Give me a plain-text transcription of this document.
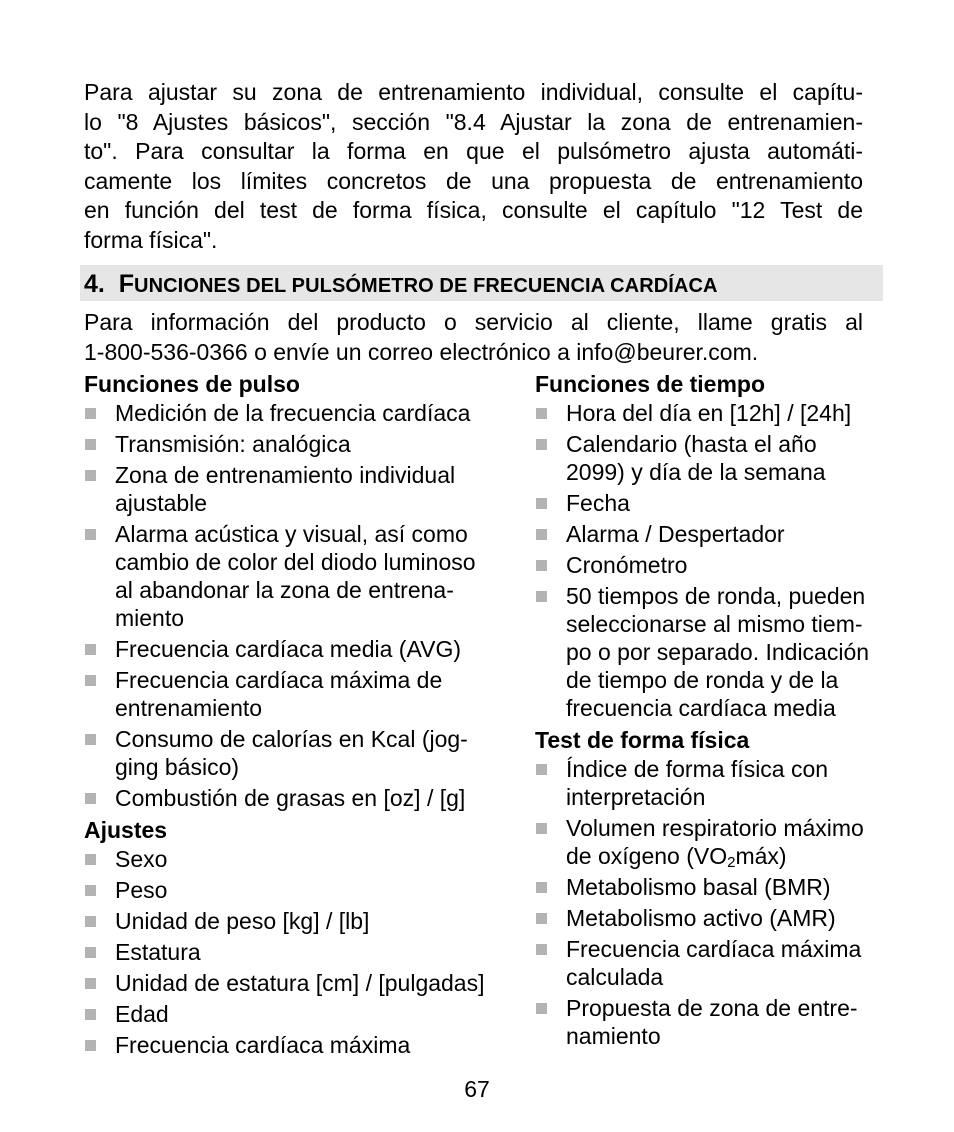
Para ajustar su zona de entrenamiento individual, consulte el capítu-
lo "8 Ajustes básicos", sección "8.4 Ajustar la zona de entrenamien-
to". Para consultar la forma en que el pulsómetro ajusta automáti-
camente los límites concretos de una propuesta de entrenamiento
en función del test de forma física, consulte el capítulo "12 Test de
forma física".

4. FUNCIONES DEL PULSÓMETRO DE FRECUENCIA CARDÍACA

Para información del producto o servicio al cliente, llame gratis al
1-800-536-0366 o envíe un correo electrónico a info@beurer.com.

Funciones de pulso

Medición de la frecuencia cardíaca
Transmisión: analógica
Zona de entrenamiento individual
ajustable
Alarma acústica y visual, así como
cambio de color del diodo luminoso
al abandonar la zona de entrena-
miento
Frecuencia cardíaca media (AVG)
Frecuencia cardíaca máxima de
entrenamiento
Consumo de calorías en Kcal (jog-
ging básico)
Combustión de grasas en [oz] / [g]

Ajustes

Sexo
Peso
Unidad de peso [kg] / [lb]
Estatura
Unidad de estatura [cm] / [pulgadas]
Edad
Frecuencia cardíaca máxima

Funciones de tiempo

Hora del día en [12h] / [24h]
Calendario (hasta el año
2099) y día de la semana
Fecha
Alarma / Despertador
Cronómetro
50 tiempos de ronda, pueden
seleccionarse al mismo tiem-
po o por separado. Indicación
de tiempo de ronda y de la
frecuencia cardíaca media

Test de forma física

Índice de forma física con
interpretación
Volumen respiratorio máximo
de oxígeno $(VO_2máx)$
Metabolismo basal (BMR)
Metabolismo activo (AMR)
Frecuencia cardíaca máxima
calculada
Propuesta de zona de entre-
namiento
67
